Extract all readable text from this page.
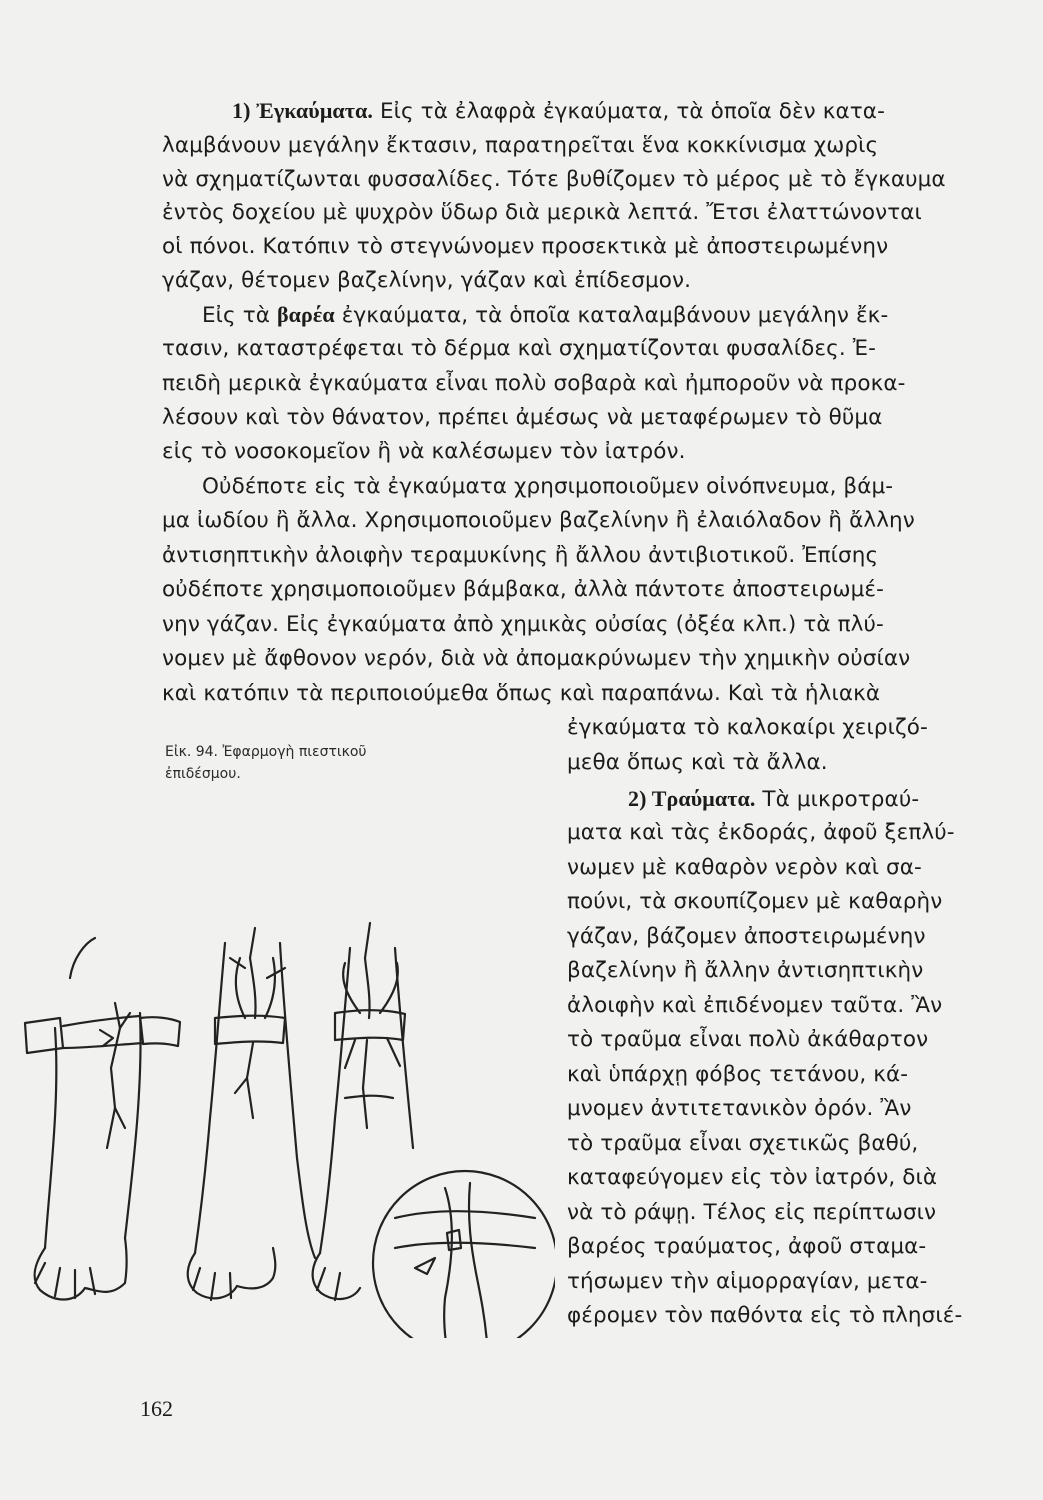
1) Ἐγκαύματα. Εἰς τὰ ἐλαφρὰ ἐγκαύματα, τὰ ὁποῖα δὲν κατα-
λαμβάνουν μεγάλην ἔκτασιν, παρατηρεῖται ἕνα κοκκίνισμα χωρὶς
νὰ σχηματίζωνται φυσσαλίδες. Τότε βυθίζομεν τὸ μέρος μὲ τὸ ἔγκαυμα
ἐντὸς δοχείου μὲ ψυχρὸν ὕδωρ διὰ μερικὰ λεπτά. Ἔτσι ἐλαττώνονται
οἱ πόνοι. Κατόπιν τὸ στεγνώνομεν προσεκτικὰ μὲ ἀποστειρωμένην
γάζαν, θέτομεν βαζελίνην, γάζαν καὶ ἐπίδεσμον.
Εἰς τὰ βαρέα ἐγκαύματα, τὰ ὁποῖα καταλαμβάνουν μεγάλην ἔκ-
τασιν, καταστρέφεται τὸ δέρμα καὶ σχηματίζονται φυσαλίδες. Ἐ-
πειδὴ μερικὰ ἐγκαύματα εἶναι πολὺ σοβαρὰ καὶ ἠμποροῦν νὰ προκα-
λέσουν καὶ τὸν θάνατον, πρέπει ἀμέσως νὰ μεταφέρωμεν τὸ θῦμα
εἰς τὸ νοσοκομεῖον ἢ νὰ καλέσωμεν τὸν ἰατρόν.
Οὐδέποτε εἰς τὰ ἐγκαύματα χρησιμοποιοῦμεν οἰνόπνευμα, βάμ-
μα ἰωδίου ἢ ἄλλα. Χρησιμοποιοῦμεν βαζελίνην ἢ ἐλαιόλαδον ἢ ἄλλην
ἀντισηπτικὴν ἀλοιφὴν τεραμυκίνης ἢ ἄλλου ἀντιβιοτικοῦ. Ἐπίσης
οὐδέποτε χρησιμοποιοῦμεν βάμβακα, ἀλλὰ πάντοτε ἀποστειρωμέ-
νην γάζαν. Εἰς ἐγκαύματα ἀπὸ χημικὰς οὐσίας (ὀξέα κλπ.) τὰ πλύ-
νομεν μὲ ἄφθονον νερόν, διὰ νὰ ἀπομακρύνωμεν τὴν χημικὴν οὐσίαν
καὶ κατόπιν τὰ περιποιούμεθα ὅπως καὶ παραπάνω. Καὶ τὰ ἡλιακὰ
ἐγκαύματα τὸ καλοκαίρι χειριζό-
μεθα ὅπως καὶ τὰ ἄλλα.
Εἰκ. 94. Ἐφαρμογὴ πιεστικοῦ
ἐπιδέσμου.
2) Τραύματα. Τὰ μικροτραύ-
ματα καὶ τὰς ἐκδοράς, ἀφοῦ ξεπλύ-
νωμεν μὲ καθαρὸν νερὸν καὶ σα-
πούνι, τὰ σκουπίζομεν μὲ καθαρὴν
γάζαν, βάζομεν ἀποστειρωμένην
βαζελίνην ἢ ἄλλην ἀντισηπτικὴν
ἀλοιφὴν καὶ ἐπιδένομεν ταῦτα. Ἂν
τὸ τραῦμα εἶναι πολὺ ἀκάθαρτον
καὶ ὑπάρχῃ φόβος τετάνου, κά-
μνομεν ἀντιτετανικὸν ὀρόν. Ἂν
τὸ τραῦμα εἶναι σχετικῶς βαθύ,
καταφεύγομεν εἰς τὸν ἰατρόν, διὰ
νὰ τὸ ράψῃ. Τέλος εἰς περίπτωσιν
βαρέος τραύματος, ἀφοῦ σταμα-
τήσωμεν τὴν αἱμορραγίαν, μετα-
φέρομεν τὸν παθόντα εἰς τὸ πλησιέ-
162
